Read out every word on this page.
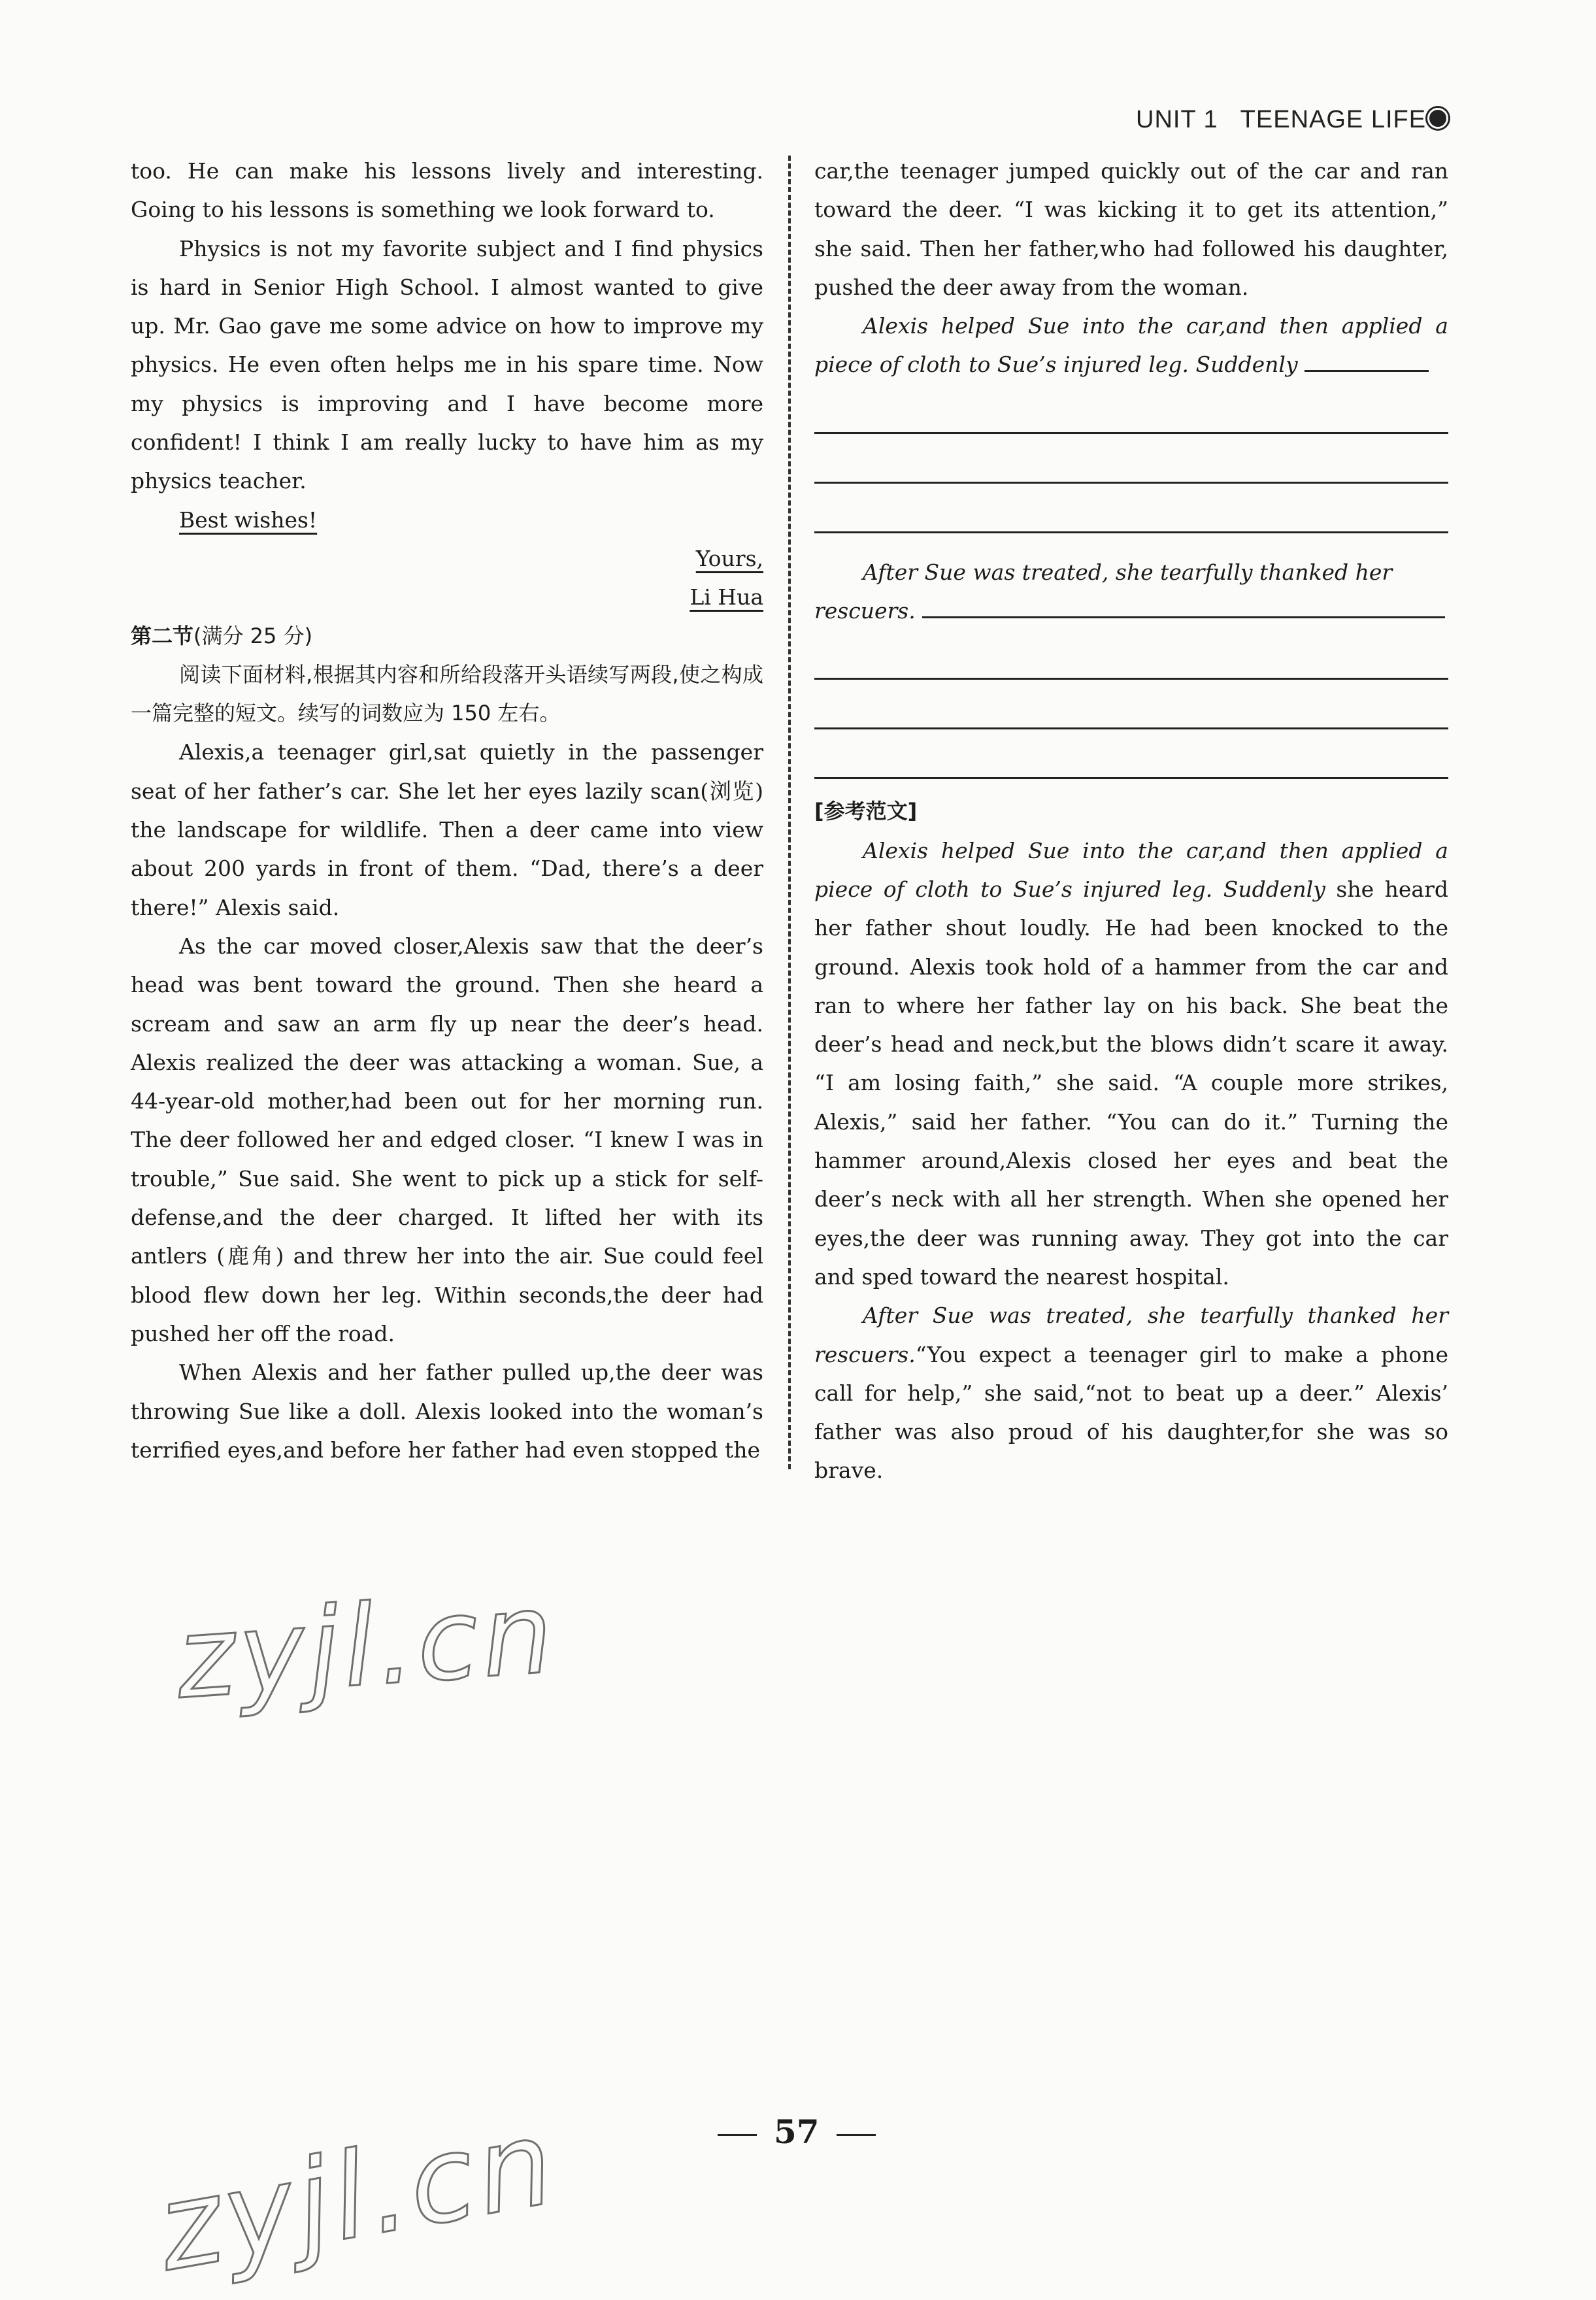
UNIT 1 TEENAGE LIFE

too. He can make his lessons lively and interesting. Going to his lessons is something we look forward to.

Physics is not my favorite subject and I find physics is hard in Senior High School. I almost wanted to give up. Mr. Gao gave me some advice on how to improve my physics. He even often helps me in his spare time. Now my physics is improving and I have become more confident! I think I am really lucky to have him as my physics teacher.

Best wishes!

Yours,

Li Hua

第二节(满分 25 分)

阅读下面材料,根据其内容和所给段落开头语续写两段,使之构成一篇完整的短文。续写的词数应为 150 左右。

Alexis,a teenager girl,sat quietly in the passenger seat of her father’s car. She let her eyes lazily scan(浏览) the landscape for wildlife. Then a deer came into view about 200 yards in front of them. “Dad, there’s a deer there!” Alexis said.

As the car moved closer,Alexis saw that the deer’s head was bent toward the ground. Then she heard a scream and saw an arm fly up near the deer’s head. Alexis realized the deer was attacking a woman. Sue, a 44-year-old mother,had been out for her morning run. The deer followed her and edged closer. “I knew I was in trouble,” Sue said. She went to pick up a stick for self-defense,and the deer charged. It lifted her with its antlers (鹿角) and threw her into the air. Sue could feel blood flew down her leg. Within seconds,the deer had pushed her off the road.

When Alexis and her father pulled up,the deer was throwing Sue like a doll. Alexis looked into the woman’s terrified eyes,and before her father had even stopped the

car,the teenager jumped quickly out of the car and ran toward the deer. “I was kicking it to get its attention,” she said. Then her father,who had followed his daughter, pushed the deer away from the woman.

Alexis helped Sue into the car,and then applied a piece of cloth to Sue’s injured leg. Suddenly

After Sue was treated, she tearfully thanked her

rescuers.

[参考范文]

Alexis helped Sue into the car,and then applied a piece of cloth to Sue’s injured leg. Suddenly she heard her father shout loudly. He had been knocked to the ground. Alexis took hold of a hammer from the car and ran to where her father lay on his back. She beat the deer’s head and neck,but the blows didn’t scare it away. “I am losing faith,” she said. “A couple more strikes, Alexis,” said her father. “You can do it.” Turning the hammer around,Alexis closed her eyes and beat the deer’s neck with all her strength. When she opened her eyes,the deer was running away. They got into the car and sped toward the nearest hospital.

After Sue was treated, she tearfully thanked her rescuers.“You expect a teenager girl to make a phone call for help,” she said,“not to beat up a deer.” Alexis’ father was also proud of his daughter,for she was so brave.

57
zyjl.cn
zyjl.cn
